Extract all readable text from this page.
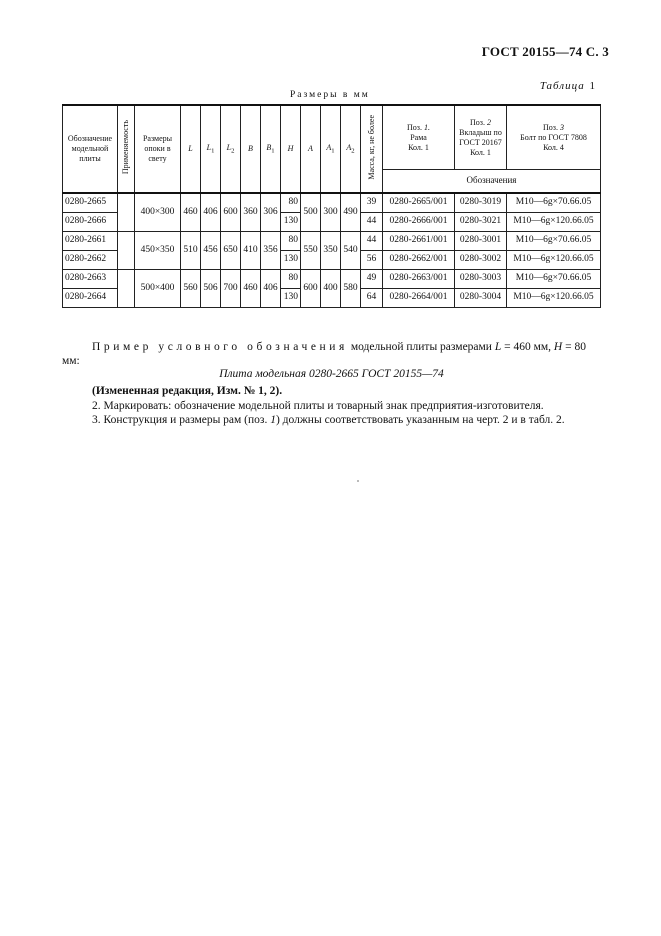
ГОСТ 20155—74 С. 3
Таблица 1
Размеры в мм
Обозначение модельной плиты	Применяемость	Размеры опоки в свету	L	$L_1$	$L_2$	B	$B_1$	H	A	$A_1$	$A_2$	Масса, кг, не более	Поз. 1.
Рама
Кол. 1	Поз. 2
Вкладыш по ГОСТ 20167
Кол. 1	Поз. 3
Болт по ГОСТ 7808
Кол. 4
													Обозначения		
0280-2665		400×300	460	406	600	360	306	80	500	300	490	39	0280-2665/001	0280-3019	М10—6g×70.66.05
0280-2666								130				44	0280-2666/001	0280-3021	М10—6g×120.66.05
0280-2661		450×350	510	456	650	410	356	80	550	350	540	44	0280-2661/001	0280-3001	М10—6g×70.66.05
0280-2662								130				56	0280-2662/001	0280-3002	М10—6g×120.66.05
0280-2663		500×400	560	506	700	460	406	80	600	400	580	49	0280-2663/001	0280-3003	М10—6g×70.66.05
0280-2664								130				64	0280-2664/001	0280-3004	М10—6g×120.66.05

Пример условного обозначения модельной плиты размерами L = 460 мм, H = 80 мм:

Плита модельная 0280-2665 ГОСТ 20155—74

(Измененная редакция, Изм. № 1, 2).

2. Маркировать: обозначение модельной плиты и товарный знак предприятия-изготовителя.

3. Конструкция и размеры рам (поз. 1) должны соответствовать указанным на черт. 2 и в табл. 2.
